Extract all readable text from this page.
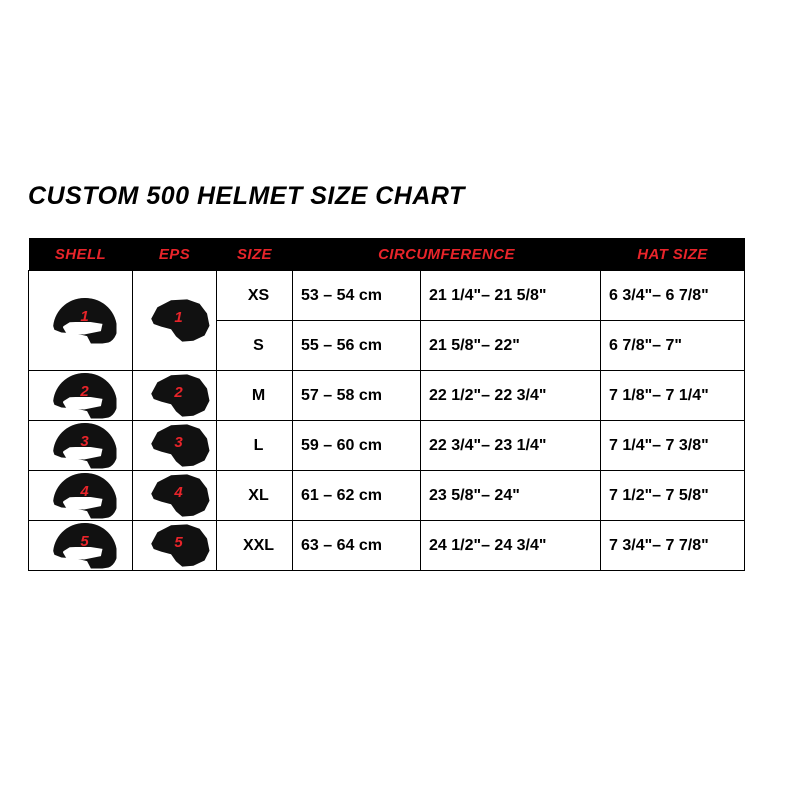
CUSTOM 500 HELMET SIZE CHART
SHELL	EPS	SIZE	CIRCUMFERENCE		HAT SIZE

1	1	XS	53 – 54 cm	21 1/4"– 21 5/8"	6 3/4"– 6 7/8"
		S	55 – 56 cm	21 5/8"– 22"	6 7/8"– 7"

2	2	M	57 – 58 cm	22 1/2"– 22 3/4"	7 1/8"– 7 1/4"

3	3	L	59 – 60 cm	22 3/4"– 23 1/4"	7 1/4"– 7 3/8"

4	4	XL	61 – 62 cm	23 5/8"– 24"	7 1/2"– 7 5/8"

5	5	XXL	63 – 64 cm	24 1/2"– 24 3/4"	7 3/4"– 7 7/8"
